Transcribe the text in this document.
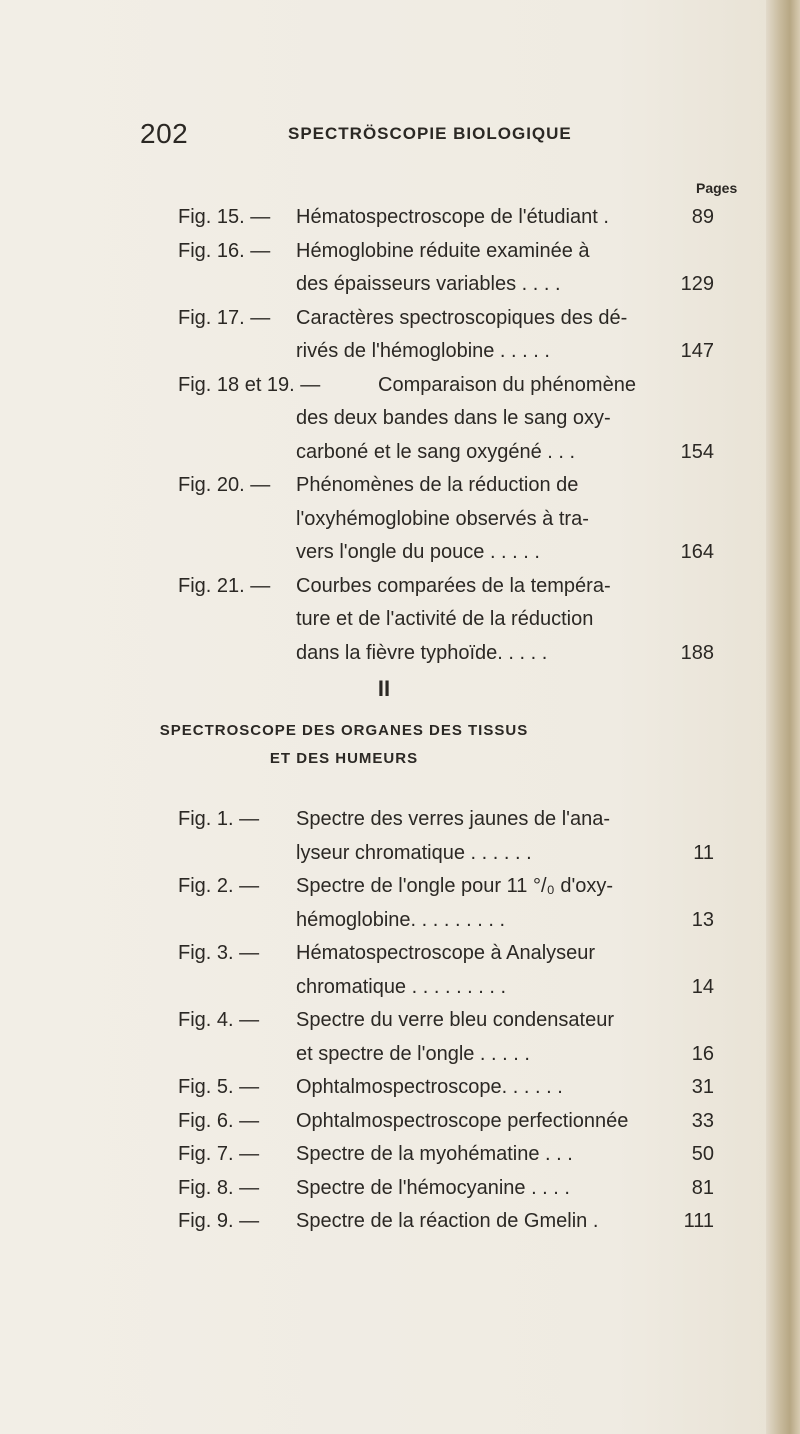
202	SPECTRÖSCOPIE BIOLOGIQUE
Pages
Fig. 15. — Hématospectroscope de l'étudiant .	89
Fig. 16. — Hémoglobine réduite examinée à
des épaisseurs variables . . . .	129
Fig. 17. — Caractères spectroscopiques des dé-
rivés de l'hémoglobine . . . . .	147
Fig. 18 et 19. —	Comparaison du phénomène
des deux bandes dans le sang oxy-
carboné et le sang oxygéné . . .	154
Fig. 20. — Phénomènes de la réduction de
l'oxyhémoglobine observés à tra-
vers l'ongle du pouce . . . . .	164
Fig. 21. — Courbes comparées de la tempéra-
ture et de l'activité de la réduction
dans la fièvre typhoïde. . . . .	188
II
SPECTROSCOPE DES ORGANES DES TISSUS
ET DES HUMEURS
Fig. 1. — Spectre des verres jaunes de l'ana-
lyseur chromatique . . . . . .	11
Fig. 2. — Spectre de l'ongle pour 11 °/₀ d'oxy-
hémoglobine. . . . . . . . .	13
Fig. 3. — Hématospectroscope à Analyseur
chromatique . . . . . . . . .	14
Fig. 4. — Spectre du verre bleu condensateur
et spectre de l'ongle . . . . .	16
Fig. 5. — Ophtalmospectroscope. . . . . .	31
Fig. 6. — Ophtalmospectroscope perfectionnée	33
Fig. 7. — Spectre de la myohématine . . .	50
Fig. 8. — Spectre de l'hémocyanine . . . .	81
Fig. 9. — Spectre de la réaction de Gmelin .	111
